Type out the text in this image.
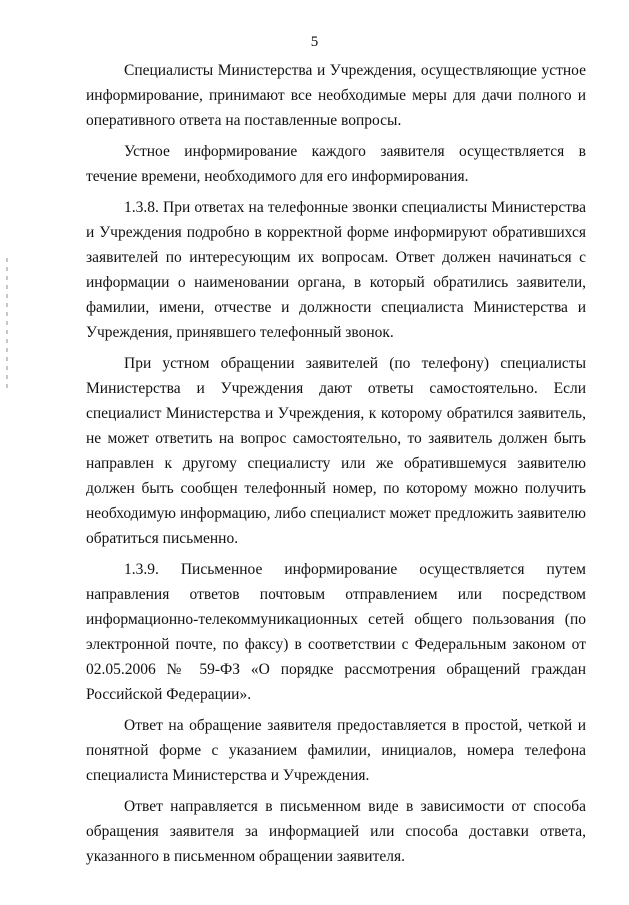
5

Специалисты Министерства и Учреждения, осуществляющие устное информирование, принимают все необходимые меры для дачи полного и оперативного ответа на поставленные вопросы.

Устное информирование каждого заявителя осуществляется в течение времени, необходимого для его информирования.

1.3.8. При ответах на телефонные звонки специалисты Министерства и Учреждения подробно в корректной форме информируют обратившихся заявителей по интересующим их вопросам. Ответ должен начинаться с информации о наименовании органа, в который обратились заявители, фамилии, имени, отчестве и должности специалиста Министерства и Учреждения, принявшего телефонный звонок.

При устном обращении заявителей (по телефону) специалисты Министерства и Учреждения дают ответы самостоятельно. Если специалист Министерства и Учреждения, к которому обратился заявитель, не может ответить на вопрос самостоятельно, то заявитель должен быть направлен к другому специалисту или же обратившемуся заявителю должен быть сообщен телефонный номер, по которому можно получить необходимую информацию, либо специалист может предложить заявителю обратиться письменно.

1.3.9. Письменное информирование осуществляется путем направления ответов почтовым отправлением или посредством информационно-телекоммуникационных сетей общего пользования (по электронной почте, по факсу) в соответствии с Федеральным законом от 02.05.2006 № 59-ФЗ «О порядке рассмотрения обращений граждан Российской Федерации».

Ответ на обращение заявителя предоставляется в простой, четкой и понятной форме с указанием фамилии, инициалов, номера телефона специалиста Министерства и Учреждения.

Ответ направляется в письменном виде в зависимости от способа обращения заявителя за информацией или способа доставки ответа, указанного в письменном обращении заявителя.
